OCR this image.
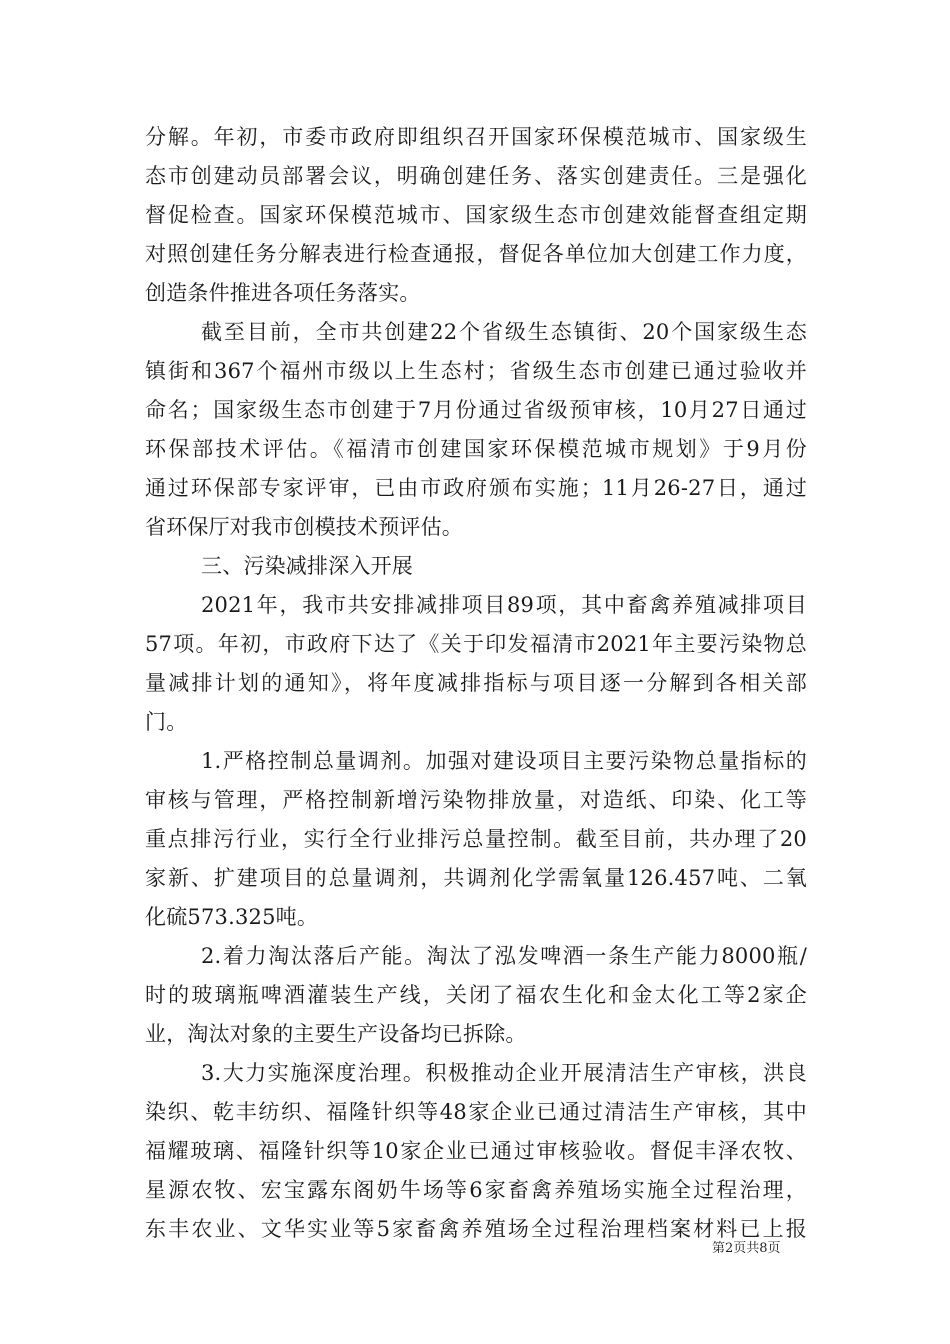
分解。年初，市委市政府即组织召开国家环保模范城市、国家级生
态市创建动员部署会议，明确创建任务、落实创建责任。三是强化
督促检查。国家环保模范城市、国家级生态市创建效能督查组定期
对照创建任务分解表进行检查通报，督促各单位加大创建工作力度，
创造条件推进各项任务落实。
截至目前，全市共创建22个省级生态镇街、20个国家级生态
镇街和367个福州市级以上生态村；省级生态市创建已通过验收并
命名；国家级生态市创建于7月份通过省级预审核，10月27日通过
环保部技术评估。《福清市创建国家环保模范城市规划》于9月份
通过环保部专家评审，已由市政府颁布实施；11月26-27日，通过
省环保厅对我市创模技术预评估。
三、污染减排深入开展
2021年，我市共安排减排项目89项，其中畜禽养殖减排项目
57项。年初，市政府下达了《关于印发福清市2021年主要污染物总
量减排计划的通知》，将年度减排指标与项目逐一分解到各相关部
门。
1.严格控制总量调剂。加强对建设项目主要污染物总量指标的
审核与管理，严格控制新增污染物排放量，对造纸、印染、化工等
重点排污行业，实行全行业排污总量控制。截至目前，共办理了20
家新、扩建项目的总量调剂，共调剂化学需氧量126.457吨、二氧
化硫573.325吨。
2.着力淘汰落后产能。淘汰了泓发啤酒一条生产能力8000瓶/
时的玻璃瓶啤酒灌装生产线，关闭了福农生化和金太化工等2家企
业，淘汰对象的主要生产设备均已拆除。
3.大力实施深度治理。积极推动企业开展清洁生产审核，洪良
染织、乾丰纺织、福隆针织等48家企业已通过清洁生产审核，其中
福耀玻璃、福隆针织等10家企业已通过审核验收。督促丰泽农牧、
星源农牧、宏宝露东阁奶牛场等6家畜禽养殖场实施全过程治理，
东丰农业、文华实业等5家畜禽养殖场全过程治理档案材料已上报
第2页共8页
